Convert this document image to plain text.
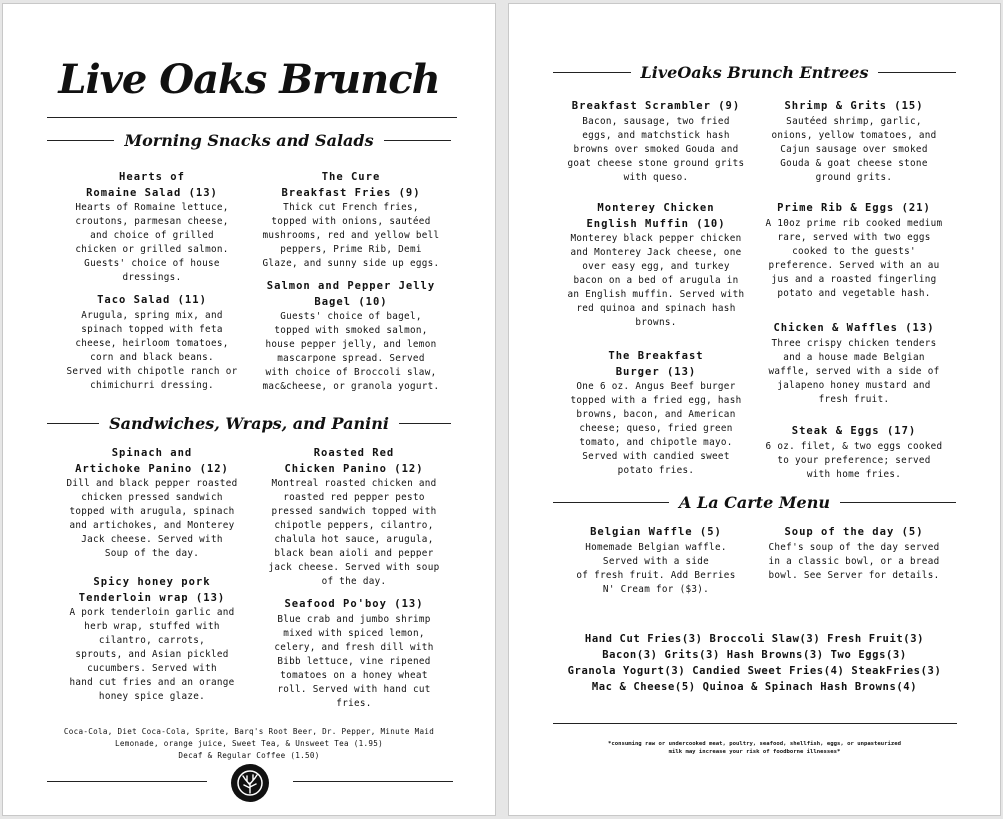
Live Oaks Brunch
Morning Snacks and Salads
Hearts of
Romaine Salad (13)
Hearts of Romaine lettuce,
croutons, parmesan cheese,
and choice of grilled
chicken or grilled salmon.
Guests' choice of house
dressings.
The Cure
Breakfast Fries (9)
Thick cut French fries,
topped with onions, sautéed
mushrooms, red and yellow bell
peppers, Prime Rib, Demi
Glaze, and sunny side up eggs.
Taco Salad (11)
Arugula, spring mix, and
spinach topped with feta
cheese, heirloom tomatoes,
corn and black beans.
Served with chipotle ranch or
chimichurri dressing.
Salmon and Pepper Jelly
Bagel (10)
Guests' choice of bagel,
topped with smoked salmon,
house pepper jelly, and lemon
mascarpone spread. Served
with choice of Broccoli slaw,
mac&cheese, or granola yogurt.
Sandwiches, Wraps, and Panini
Spinach and
Artichoke Panino (12)
Dill and black pepper roasted
chicken pressed sandwich
topped with arugula, spinach
and artichokes, and Monterey
Jack cheese. Served with
Soup of the day.
Roasted Red
Chicken Panino (12)
Montreal roasted chicken and
roasted red pepper pesto
pressed sandwich topped with
chipotle peppers, cilantro,
chalula hot sauce, arugula,
black bean aioli and pepper
jack cheese. Served with soup
of the day.
Spicy honey pork
Tenderloin wrap (13)
A pork tenderloin garlic and
herb wrap, stuffed with
cilantro, carrots,
sprouts, and Asian pickled
cucumbers. Served with
hand cut fries and an orange
honey spice glaze.
Seafood Po'boy (13)
Blue crab and jumbo shrimp
mixed with spiced lemon,
celery, and fresh dill with
Bibb lettuce, vine ripened
tomatoes on a honey wheat
roll. Served with hand cut
fries.
Coca-Cola, Diet Coca-Cola, Sprite, Barq's Root Beer, Dr. Pepper, Minute Maid
Lemonade, orange juice, Sweet Tea, & Unsweet Tea (1.95)
Decaf & Regular Coffee (1.50)
LiveOaks Brunch Entrees
Breakfast Scrambler (9)
Bacon, sausage, two fried
eggs, and matchstick hash
browns over smoked Gouda and
goat cheese stone ground grits
with queso.
Shrimp & Grits (15)
Sautéed shrimp, garlic,
onions, yellow tomatoes, and
Cajun sausage over smoked
Gouda & goat cheese stone
ground grits.
Monterey Chicken
English Muffin (10)
Monterey black pepper chicken
and Monterey Jack cheese, one
over easy egg, and turkey
bacon on a bed of arugula in
an English muffin. Served with
red quinoa and spinach hash
browns.
Prime Rib & Eggs (21)
A 10oz prime rib cooked medium
rare, served with two eggs
cooked to the guests'
preference. Served with an au
jus and a roasted fingerling
potato and vegetable hash.
Chicken & Waffles (13)
Three crispy chicken tenders
and a house made Belgian
waffle, served with a side of
jalapeno honey mustard and
fresh fruit.
The Breakfast
Burger (13)
One 6 oz. Angus Beef burger
topped with a fried egg, hash
browns, bacon, and American
cheese; queso, fried green
tomato, and chipotle mayo.
Served with candied sweet
potato fries.
Steak & Eggs (17)
6 oz. filet, & two eggs cooked
to your preference; served
with home fries.
A La Carte Menu
Belgian Waffle (5)
Homemade Belgian waffle.
Served with a side
of fresh fruit. Add Berries
N' Cream for ($3).
Soup of the day (5)
Chef's soup of the day served
in a classic bowl, or a bread
bowl. See Server for details.
Hand Cut Fries(3) Broccoli Slaw(3) Fresh Fruit(3)
Bacon(3) Grits(3) Hash Browns(3) Two Eggs(3)
Granola Yogurt(3) Candied Sweet Fries(4) SteakFries(3)
Mac & Cheese(5) Quinoa & Spinach Hash Browns(4)
*consuming raw or undercooked meat, poultry, seafood, shellfish, eggs, or unpasteurized
milk may increase your risk of foodborne illnesses*
